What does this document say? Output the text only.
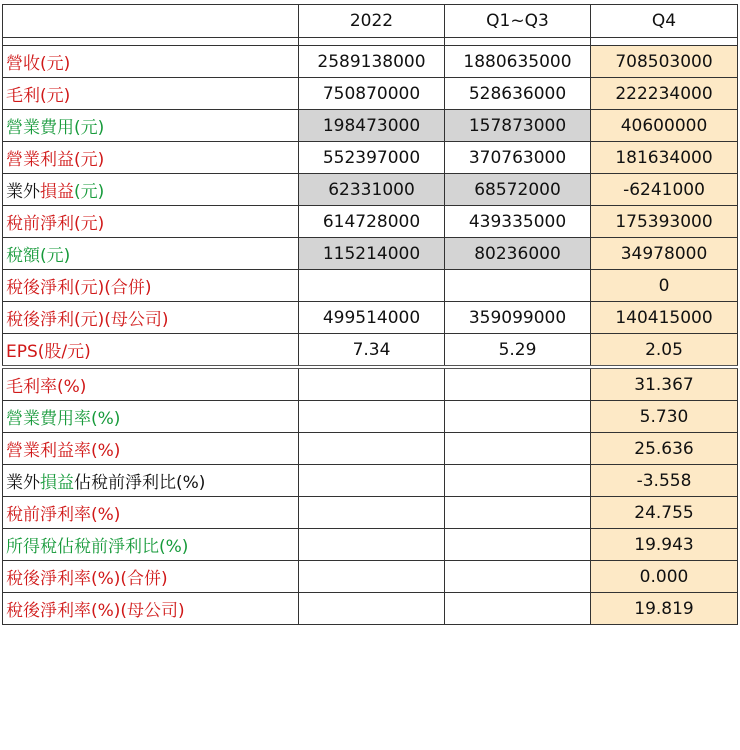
	2022	Q1~Q3	Q4

營收(元)	2589138000	1880635000	708503000
毛利(元)	750870000	528636000	222234000
營業費用(元)	198473000	157873000	40600000
營業利益(元)	552397000	370763000	181634000
業外損益(元)	62331000	68572000	-6241000
稅前淨利(元)	614728000	439335000	175393000
稅額(元)	115214000	80236000	34978000
稅後淨利(元)(合併)			0
稅後淨利(元)(母公司)	499514000	359099000	140415000
EPS(股/元)	7.34	5.29	2.05
毛利率(%)			31.367
營業費用率(%)			5.730
營業利益率(%)			25.636
業外損益佔稅前淨利比(%)			-3.558
稅前淨利率(%)			24.755
所得稅佔稅前淨利比(%)			19.943
稅後淨利率(%)(合併)			0.000
稅後淨利率(%)(母公司)			19.819
